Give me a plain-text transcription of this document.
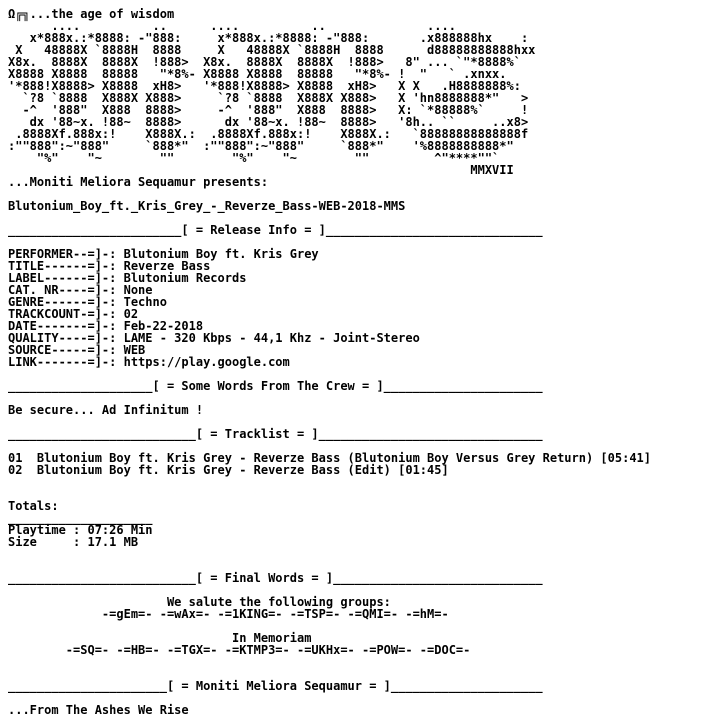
Ω╔╗...the age of wisdom
....          ..      ....          ..              ....
x*888x.:*8888: -"888:     x*888x.:*8888: -"888:       .x888888hx    :
X   48888X `8888H  8888     X   48888X `8888H  8888      d88888888888hxx
X8x.  8888X  8888X  !888>  X8x.  8888X  8888X  !888>   8" ... `"*8888%`
X8888 X8888  88888   "*8%- X8888 X8888  88888   "*8%- !  "   ` .xnxx.
'*888!X8888> X8888  xH8>   '*888!X8888> X8888  xH8>   X X   .H8888888%:
`?8 `8888  X888X X888>     `?8 `8888  X888X X888>   X 'hn8888888*"   >
-^  '888"  X888  8888>     -^  '888"  X888  8888>   X: `*88888%`     !
dx '88~x. !88~  8888>      dx '88~x. !88~  8888>   '8h.. ``     ..x8>
.8888Xf.888x:!    X888X.:  .8888Xf.888x:!    X888X.:   `88888888888888f
:""888":~"888"     `888*"  :""888":~"888"     `888*"    '%8888888888*"
"%"    "~        ""        "%"    "~        ""         ^"****""`
MMXVII
...Moniti Meliora Sequamur presents:
Blutonium_Boy_ft._Kris_Grey_-_Reverze_Bass-WEB-2018-MMS
________________________[ = Release Info = ]______________________________
PERFORMER--=]-: Blutonium Boy ft. Kris Grey
TITLE------=]-: Reverze Bass
LABEL------=]-: Blutonium Records
CAT. NR----=]-: None
GENRE------=]-: Techno
TRACKCOUNT-=]-: 02
DATE-------=]-: Feb-22-2018
QUALITY----=]-: LAME - 320 Kbps - 44,1 Khz - Joint-Stereo
SOURCE-----=]-: WEB
LINK-------=]-: https://play.google.com
____________________[ = Some Words From The Crew = ]______________________
Be secure... Ad Infinitum !
__________________________[ = Tracklist = ]_______________________________
01  Blutonium Boy ft. Kris Grey - Reverze Bass (Blutonium Boy Versus Grey Return) [05:41]
02  Blutonium Boy ft. Kris Grey - Reverze Bass (Edit) [01:45]
Totals:
____________________
Playtime : 07:26 Min
Size     : 17.1 MB
__________________________[ = Final Words = ]_____________________________
We salute the following groups:
-=gEm=- -=wAx=- -=1KING=- -=TSP=- -=QMI=- -=hM=-
In Memoriam
-=SQ=- -=HB=- -=TGX=- -=KTMP3=- -=UKHx=- -=POW=- -=DOC=-
______________________[ = Moniti Meliora Sequamur = ]_____________________
...From The Ashes We Rise
